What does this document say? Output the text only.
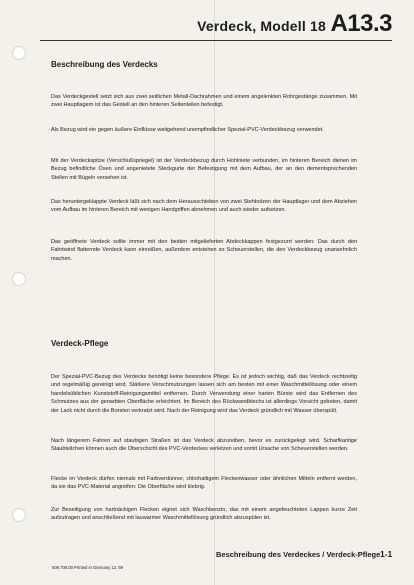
Verdeck, Modell 18 A13.3
Beschreibung des Verdecks

Das Verdeckgestell setzt sich aus zwei seitlichen Metall-Dachrahmen und einem angelenkten Rohrgestänge zusammen. Mit zwei Hauptlagern ist das Gestell an den hinteren Seitenteilen befestigt.

Als Bezug wird ein gegen äußere Einflüsse weitgehend unempfindlicher Spezial-PVC-Verdeckbezug verwendet.

Mit der Verdeckspitze (Verschlußspriegel) ist der Verdeckbezug durch Hohlniete verbunden, im hinteren Bereich dienen im Bezug befindliche Ösen und angenietete Steckgurte der Befestigung mit dem Aufbau, der an den dementsprechenden Stellen mit Bügeln versehen ist.

Das heruntergeklappte Verdeck läßt sich nach dem Herausschieben von zwei Stehbolzen der Hauptlager und dem Abziehen vom Aufbau im hinteren Bereich mit wenigen Handgriffen abnehmen und auch wieder aufsetzen.

Das geöffnete Verdeck sollte immer mit den beiden mitgelieferten Abdeckkappen festgezurrt werden: Das durch den Fahrtwind flatternde Verdeck kann einreißen, außerdem entstehen so Scheuerstellen, die den Verdeckbezug unansehnlich machen.

Verdeck-Pflege

Der Spezial-PVC-Bezug des Verdecks benötigt keine besondere Pflege. Es ist jedoch wichtig, daß das Verdeck rechtzeitig und regelmäßig gereinigt wird. Stärkere Verschmutzungen lassen sich am besten mit einer Waschmittellösung oder einem handelsüblichen Kunststoff-Reinigungsmittel entfernen. Durch Verwendung einer harten Bürste wird das Entfernen des Schmutzes aus der genarbten Oberfläche erleichtert. Im Bereich des Rückwandblechs ist allerdings Vorsicht geboten, damit der Lack nicht durch die Borsten verkratzt wird. Nach der Reinigung wird das Verdeck gründlich mit Wasser überspült.

Nach längerem Fahren auf staubigen Straßen ist das Verdeck abzureiben, bevor es zurückgelegt wird. Scharfkantige Staubteilchen können auch die Oberschicht des PVC-Verdeckes verletzen und somit Ursache von Scheuerstellen werden.

Flecke im Verdeck dürfen niemals mit Farbverdünner, chlorhaltigem Fleckenwasser oder ähnlichen Mitteln entfernt werden, da sie das PVC-Material angreifen: Die Oberfläche wird klebrig.

Zur Beseitigung von hartnäckigen Flecken eignet sich Waschbenzin, das mit einem angefeuchteten Lappen kurze Zeit aufzutragen und anschließend mit lauwarmer Waschmittellösung gründlich abzuspülen ist.

509.706.00 Printed in Germany 12. 69
Beschreibung des Verdeckes / Verdeck-Pflege 1-1
